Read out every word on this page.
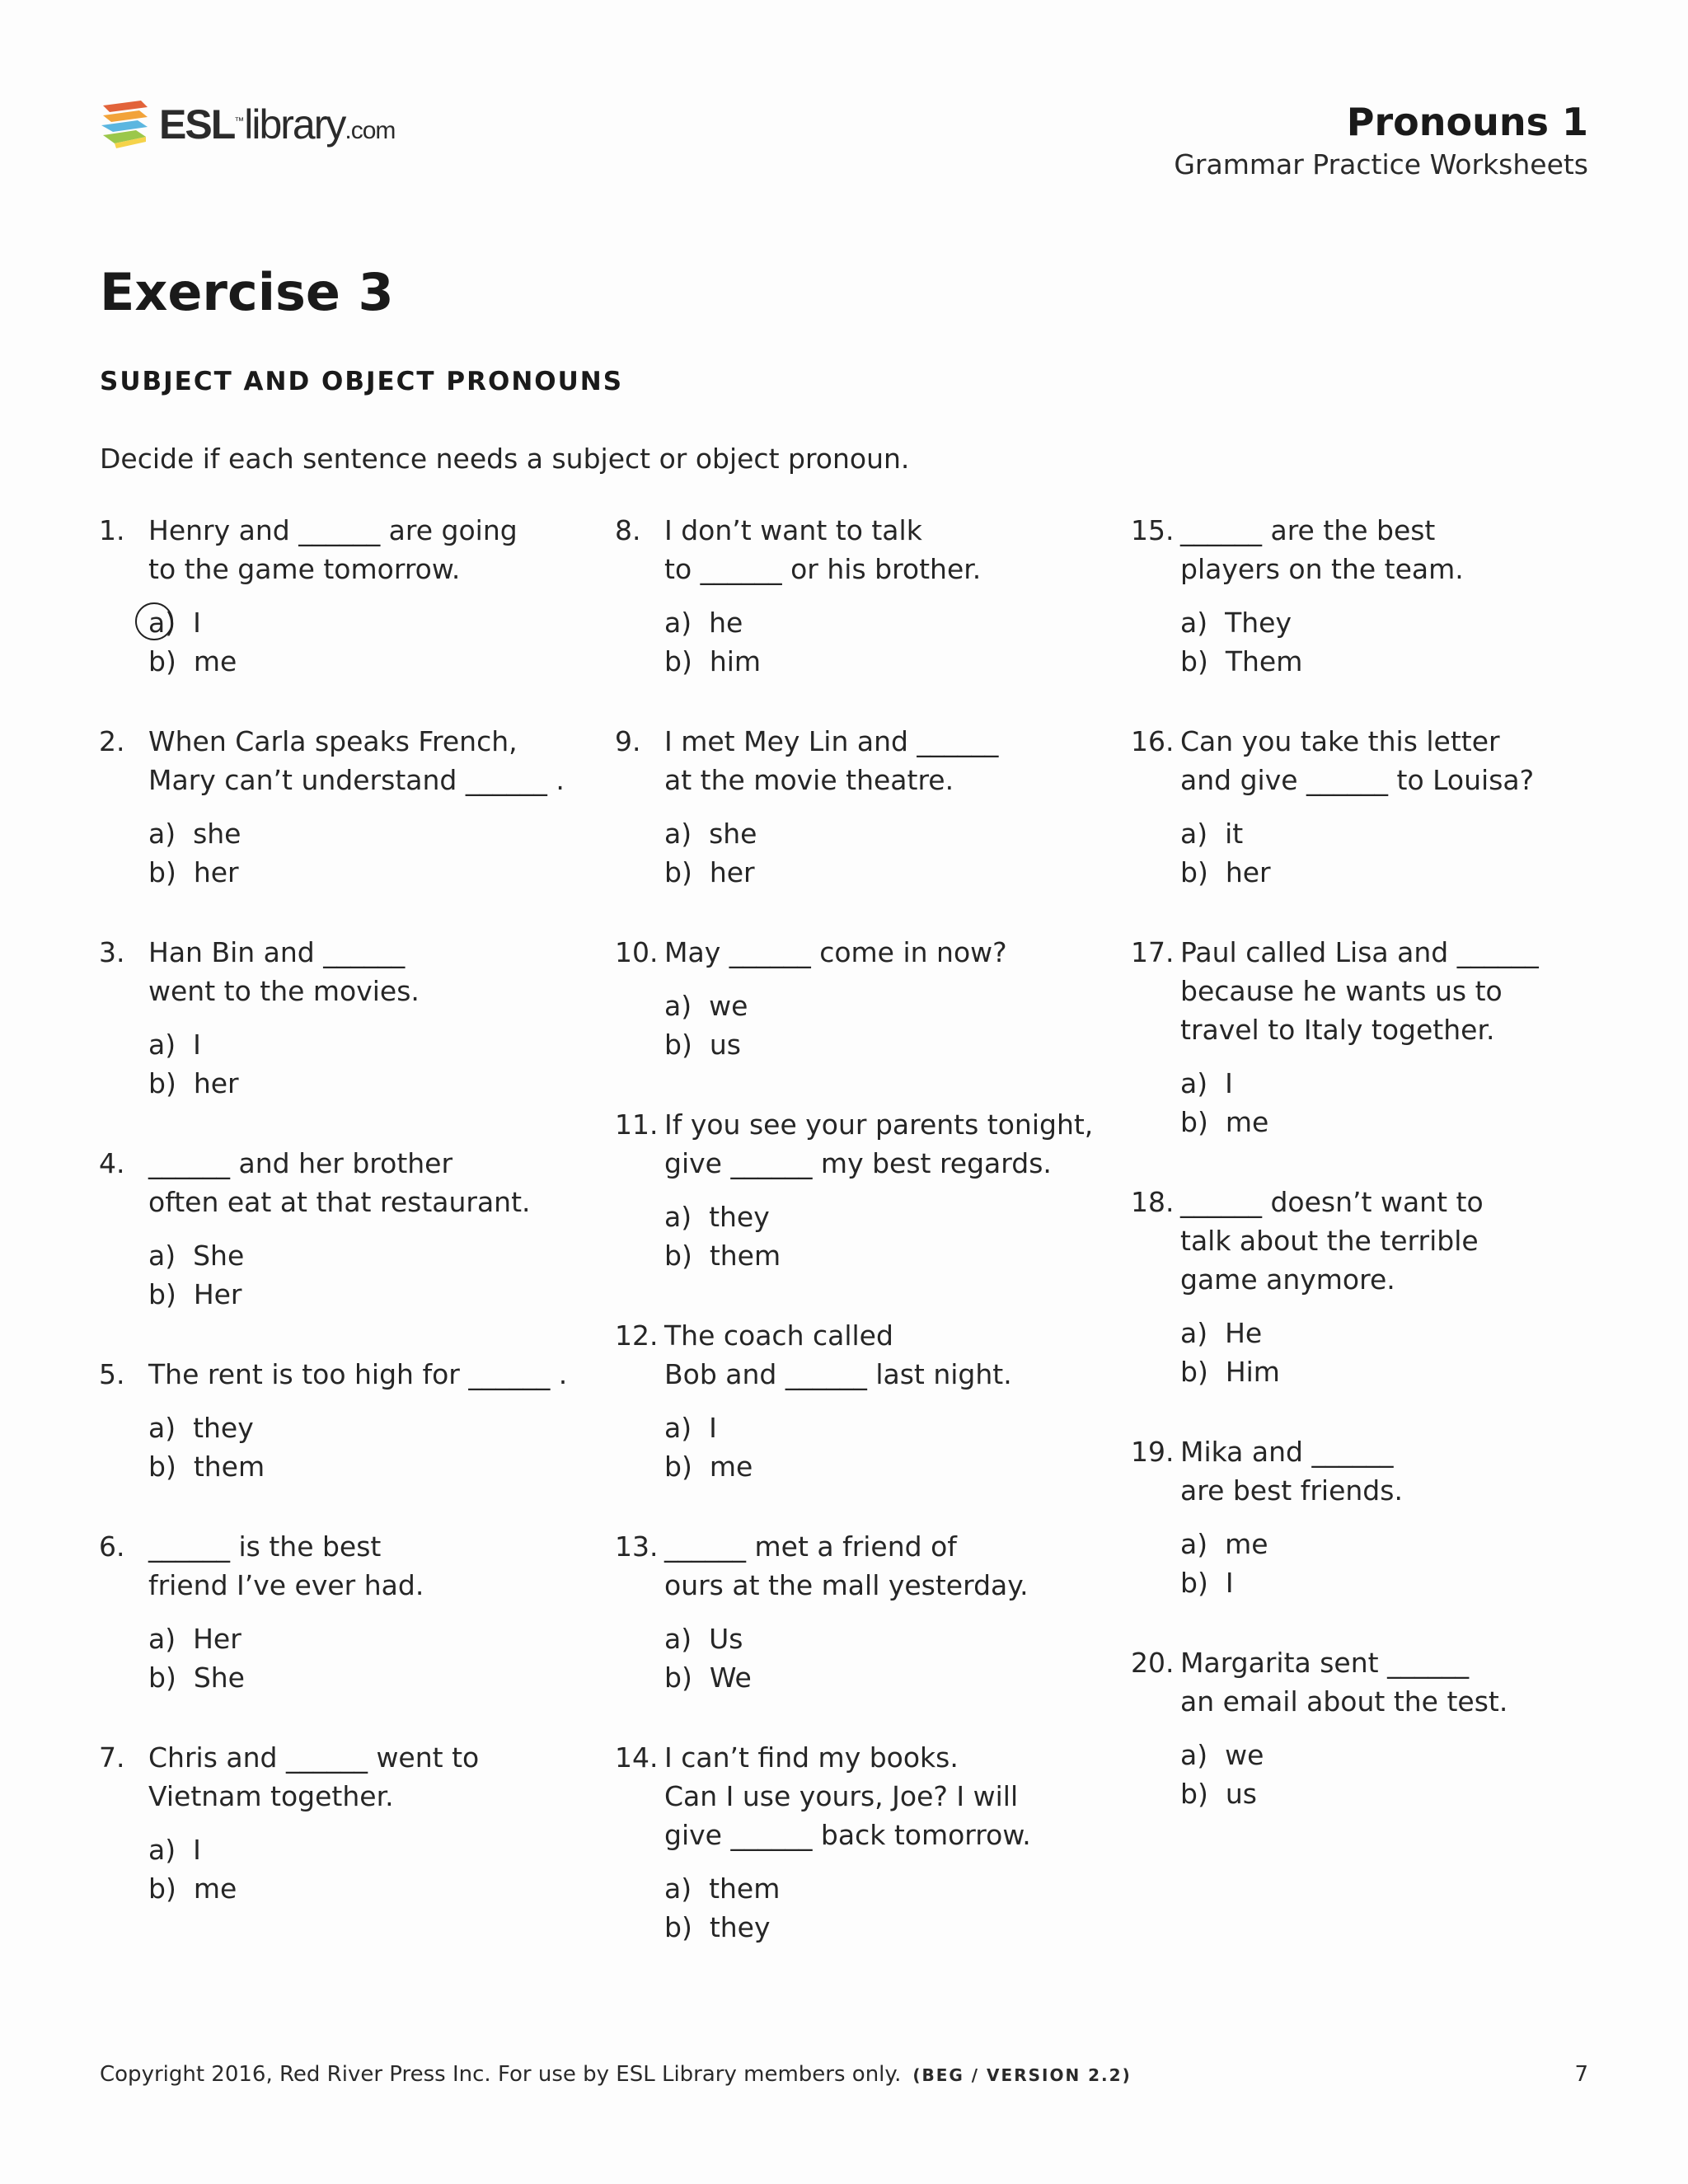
ESL™library.com	Pronouns 1
Grammar Practice Worksheets
Exercise 3
SUBJECT AND OBJECT PRONOUNS
Decide if each sentence needs a subject or object pronoun.
1. Henry and ______ are going
to the game tomorrow.
a)  I
b)  me
2. When Carla speaks French,
Mary can’t understand ______ .
a)  she
b)  her
3. Han Bin and ______
went to the movies.
a)  I
b)  her
4. ______ and her brother
often eat at that restaurant.
a)  She
b)  Her
5. The rent is too high for ______ .
a)  they
b)  them
6. ______ is the best
friend I’ve ever had.
a)  Her
b)  She
7. Chris and ______ went to
Vietnam together.
a)  I
b)  me
8. I don’t want to talk
to ______ or his brother.
a)  he
b)  him
9. I met Mey Lin and ______
at the movie theatre.
a)  she
b)  her
10. May ______ come in now?
a)  we
b)  us
11. If you see your parents tonight,
give ______ my best regards.
a)  they
b)  them
12. The coach called
Bob and ______ last night.
a)  I
b)  me
13. ______ met a friend of
ours at the mall yesterday.
a)  Us
b)  We
14. I can’t find my books.
Can I use yours, Joe? I will
give ______ back tomorrow.
a)  them
b)  they
15. ______ are the best
players on the team.
a)  They
b)  Them
16. Can you take this letter
and give ______ to Louisa?
a)  it
b)  her
17. Paul called Lisa and ______
because he wants us to
travel to Italy together.
a)  I
b)  me
18. ______ doesn’t want to
talk about the terrible
game anymore.
a)  He
b)  Him
19. Mika and ______
are best friends.
a)  me
b)  I
20. Margarita sent ______
an email about the test.
a)  we
b)  us
Copyright 2016, Red River Press Inc. For use by ESL Library members only. (BEG / VERSION 2.2)	7
